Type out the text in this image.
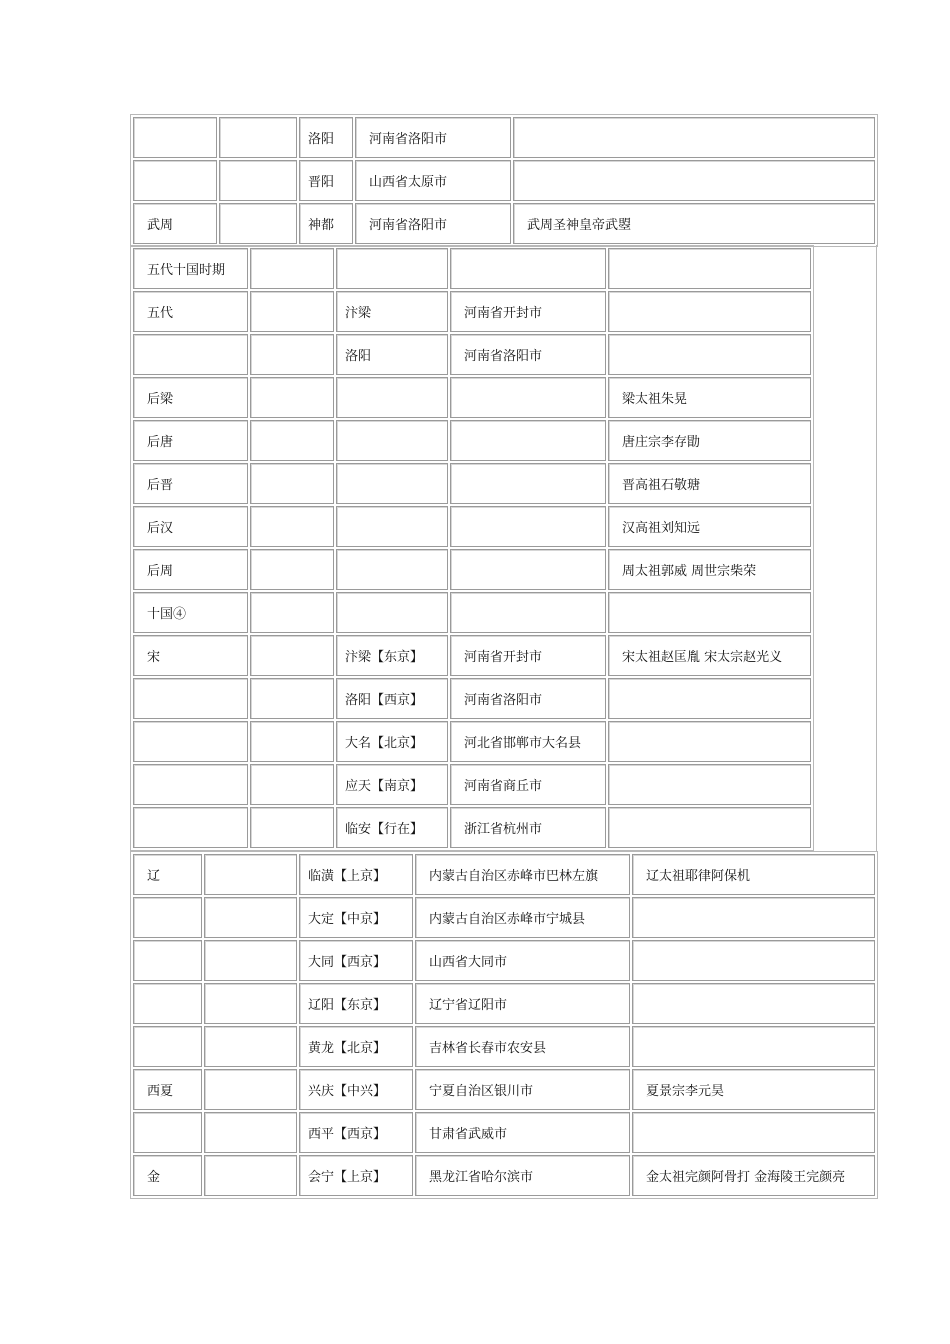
		洛阳	河南省洛阳市	
		晋阳	山西省太原市	
武周		神都	河南省洛阳市	武周圣神皇帝武曌
五代十国时期				
五代		汴梁	河南省开封市	
		洛阳	河南省洛阳市	
后梁				梁太祖朱晃
后唐				唐庄宗李存勖
后晋				晋高祖石敬瑭
后汉				汉高祖刘知远
后周				周太祖郭威 周世宗柴荣
十国④				
宋		汴梁【东京】	河南省开封市	宋太祖赵匡胤 宋太宗赵光义
		洛阳【西京】	河南省洛阳市	
		大名【北京】	河北省邯郸市大名县	
		应天【南京】	河南省商丘市	
		临安【行在】	浙江省杭州市	
辽		临潢【上京】	内蒙古自治区赤峰市巴林左旗	辽太祖耶律阿保机
		大定【中京】	内蒙古自治区赤峰市宁城县	
		大同【西京】	山西省大同市	
		辽阳【东京】	辽宁省辽阳市	
		黄龙【北京】	吉林省长春市农安县	
西夏		兴庆【中兴】	宁夏自治区银川市	夏景宗李元昊
		西平【西京】	甘肃省武威市	
金		会宁【上京】	黑龙江省哈尔滨市	金太祖完颜阿骨打 金海陵王完颜亮
